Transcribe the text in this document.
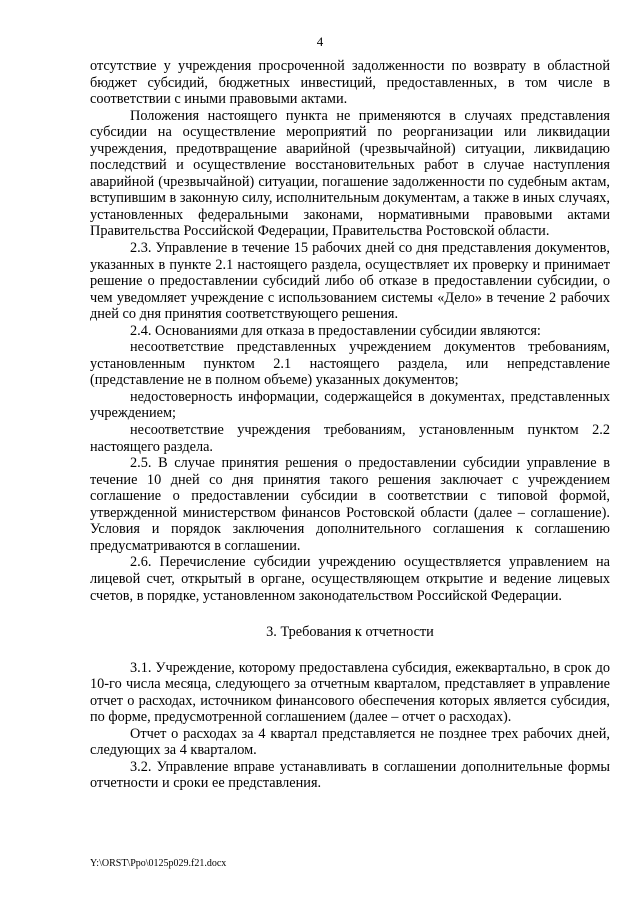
4

отсутствие у учреждения просроченной задолженности по возврату в областной бюджет субсидий, бюджетных инвестиций, предоставленных, в том числе в соответствии с иными правовыми актами.

Положения настоящего пункта не применяются в случаях представления субсидии на осуществление мероприятий по реорганизации или ликвидации учреждения, предотвращение аварийной (чрезвычайной) ситуации, ликвидацию последствий и осуществление восстановительных работ в случае наступления аварийной (чрезвычайной) ситуации, погашение задолженности по судебным актам, вступившим в законную силу, исполнительным документам, а также в иных случаях, установленных федеральными законами, нормативными правовыми актами Правительства Российской Федерации, Правительства Ростовской области.

2.3. Управление в течение 15 рабочих дней со дня представления документов, указанных в пункте 2.1 настоящего раздела, осуществляет их проверку и принимает решение о предоставлении субсидий либо об отказе в предоставлении субсидии, о чем уведомляет учреждение с использованием системы «Дело» в течение 2 рабочих дней со дня принятия соответствующего решения.

2.4. Основаниями для отказа в предоставлении субсидии являются:

несоответствие представленных учреждением документов требованиям, установленным пунктом 2.1 настоящего раздела, или непредставление (представление не в полном объеме) указанных документов;

недостоверность информации, содержащейся в документах, представленных учреждением;

несоответствие учреждения требованиям, установленным пунктом 2.2 настоящего раздела.

2.5. В случае принятия решения о предоставлении субсидии управление в течение 10 дней со дня принятия такого решения заключает с учреждением соглашение о предоставлении субсидии в соответствии с типовой формой, утвержденной министерством финансов Ростовской области (далее – соглашение). Условия и порядок заключения дополнительного соглашения к соглашению предусматриваются в соглашении.

2.6. Перечисление субсидии учреждению осуществляется управлением на лицевой счет, открытый в органе, осуществляющем открытие и ведение лицевых счетов, в порядке, установленном законодательством Российской Федерации.

3. Требования к отчетности

3.1. Учреждение, которому предоставлена субсидия, ежеквартально, в срок до 10-го числа месяца, следующего за отчетным кварталом, представляет в управление отчет о расходах, источником финансового обеспечения которых является субсидия, по форме, предусмотренной соглашением (далее – отчет о расходах).

Отчет о расходах за 4 квартал представляется не позднее трех рабочих дней, следующих за 4 кварталом.

3.2. Управление вправе устанавливать в соглашении дополнительные формы отчетности и сроки ее представления.

Y:\ORST\Ppo\0125p029.f21.docx
